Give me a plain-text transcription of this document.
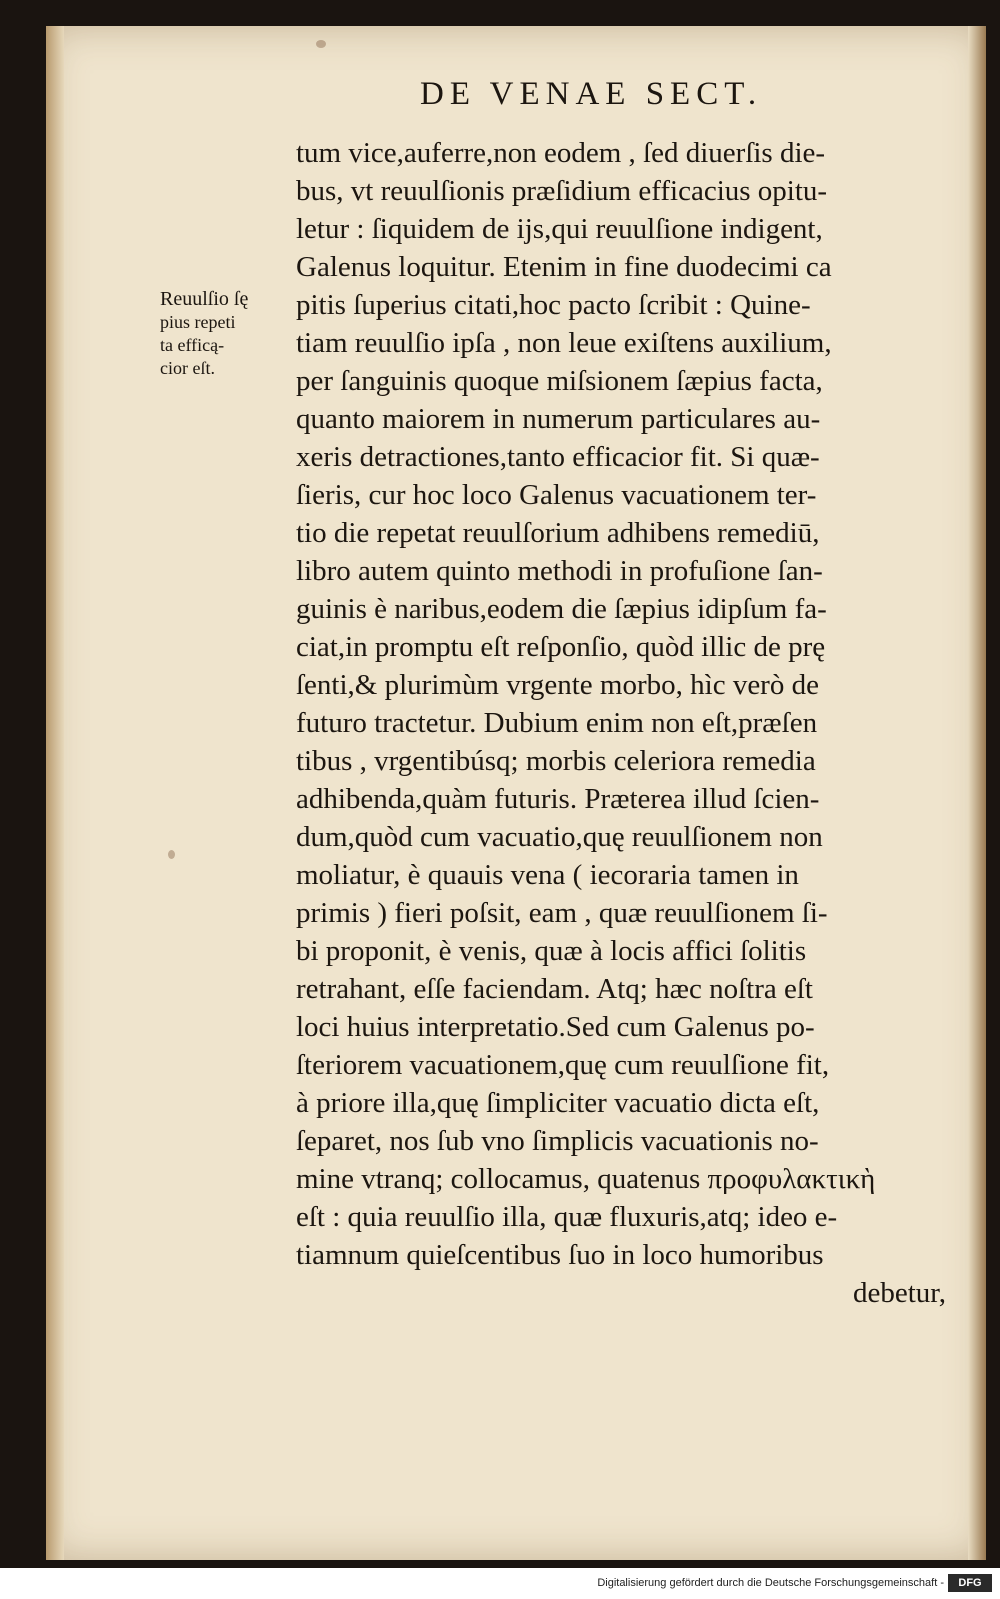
DE VENAE SECT.
Reuulſio ſę
pius repeti
ta efficą-
cior eſt.
tum vice,auferre,non eodem , ſed diuerſis die-
bus, vt reuulſionis præſidium efficacius opitu-
letur : ſiquidem de ijs,qui reuulſione indigent,
Galenus loquitur. Etenim in fine duodecimi ca
pitis ſuperius citati,hoc pacto ſcribit : Quine-
tiam reuulſio ipſa , non leue exiſtens auxilium,
per ſanguinis quoque miſsionem ſæpius facta,
quanto maiorem in numerum particulares au-
xeris detractiones,tanto efficacior fit. Si quæ-
ſieris, cur hoc loco Galenus vacuationem ter-
tio die repetat reuulſorium adhibens remediū,
libro autem quinto methodi in profuſione ſan-
guinis è naribus,eodem die ſæpius idipſum fa-
ciat,in promptu eſt reſponſio, quòd illic de prę
ſenti,& plurimùm vrgente morbo, hìc verò de
futuro tractetur. Dubium enim non eſt,præſen
tibus , vrgentibúsq; morbis celeriora remedia
adhibenda,quàm futuris. Præterea illud ſcien-
dum,quòd cum vacuatio,quę reuulſionem non
moliatur, è quauis vena ( iecoraria tamen in
primis ) fieri poſsit, eam , quæ reuulſionem ſi-
bi proponit, è venis, quæ à locis affici ſolitis
retrahant, eſſe faciendam. Atq; hæc noſtra eſt
loci huius interpretatio.Sed cum Galenus po-
ſteriorem vacuationem,quę cum reuulſione fit,
à priore illa,quę ſimpliciter vacuatio dicta eſt,
ſeparet, nos ſub vno ſimplicis vacuationis no-
mine vtranq; collocamus, quatenus προφυλακτικὴ
eſt : quia reuulſio illa, quæ fluxuris,atq; ideo e-
tiamnum quieſcentibus ſuo in loco humoribus
debetur,
Digitalisierung gefördert durch die Deutsche Forschungsgemeinschaft -	DFG
